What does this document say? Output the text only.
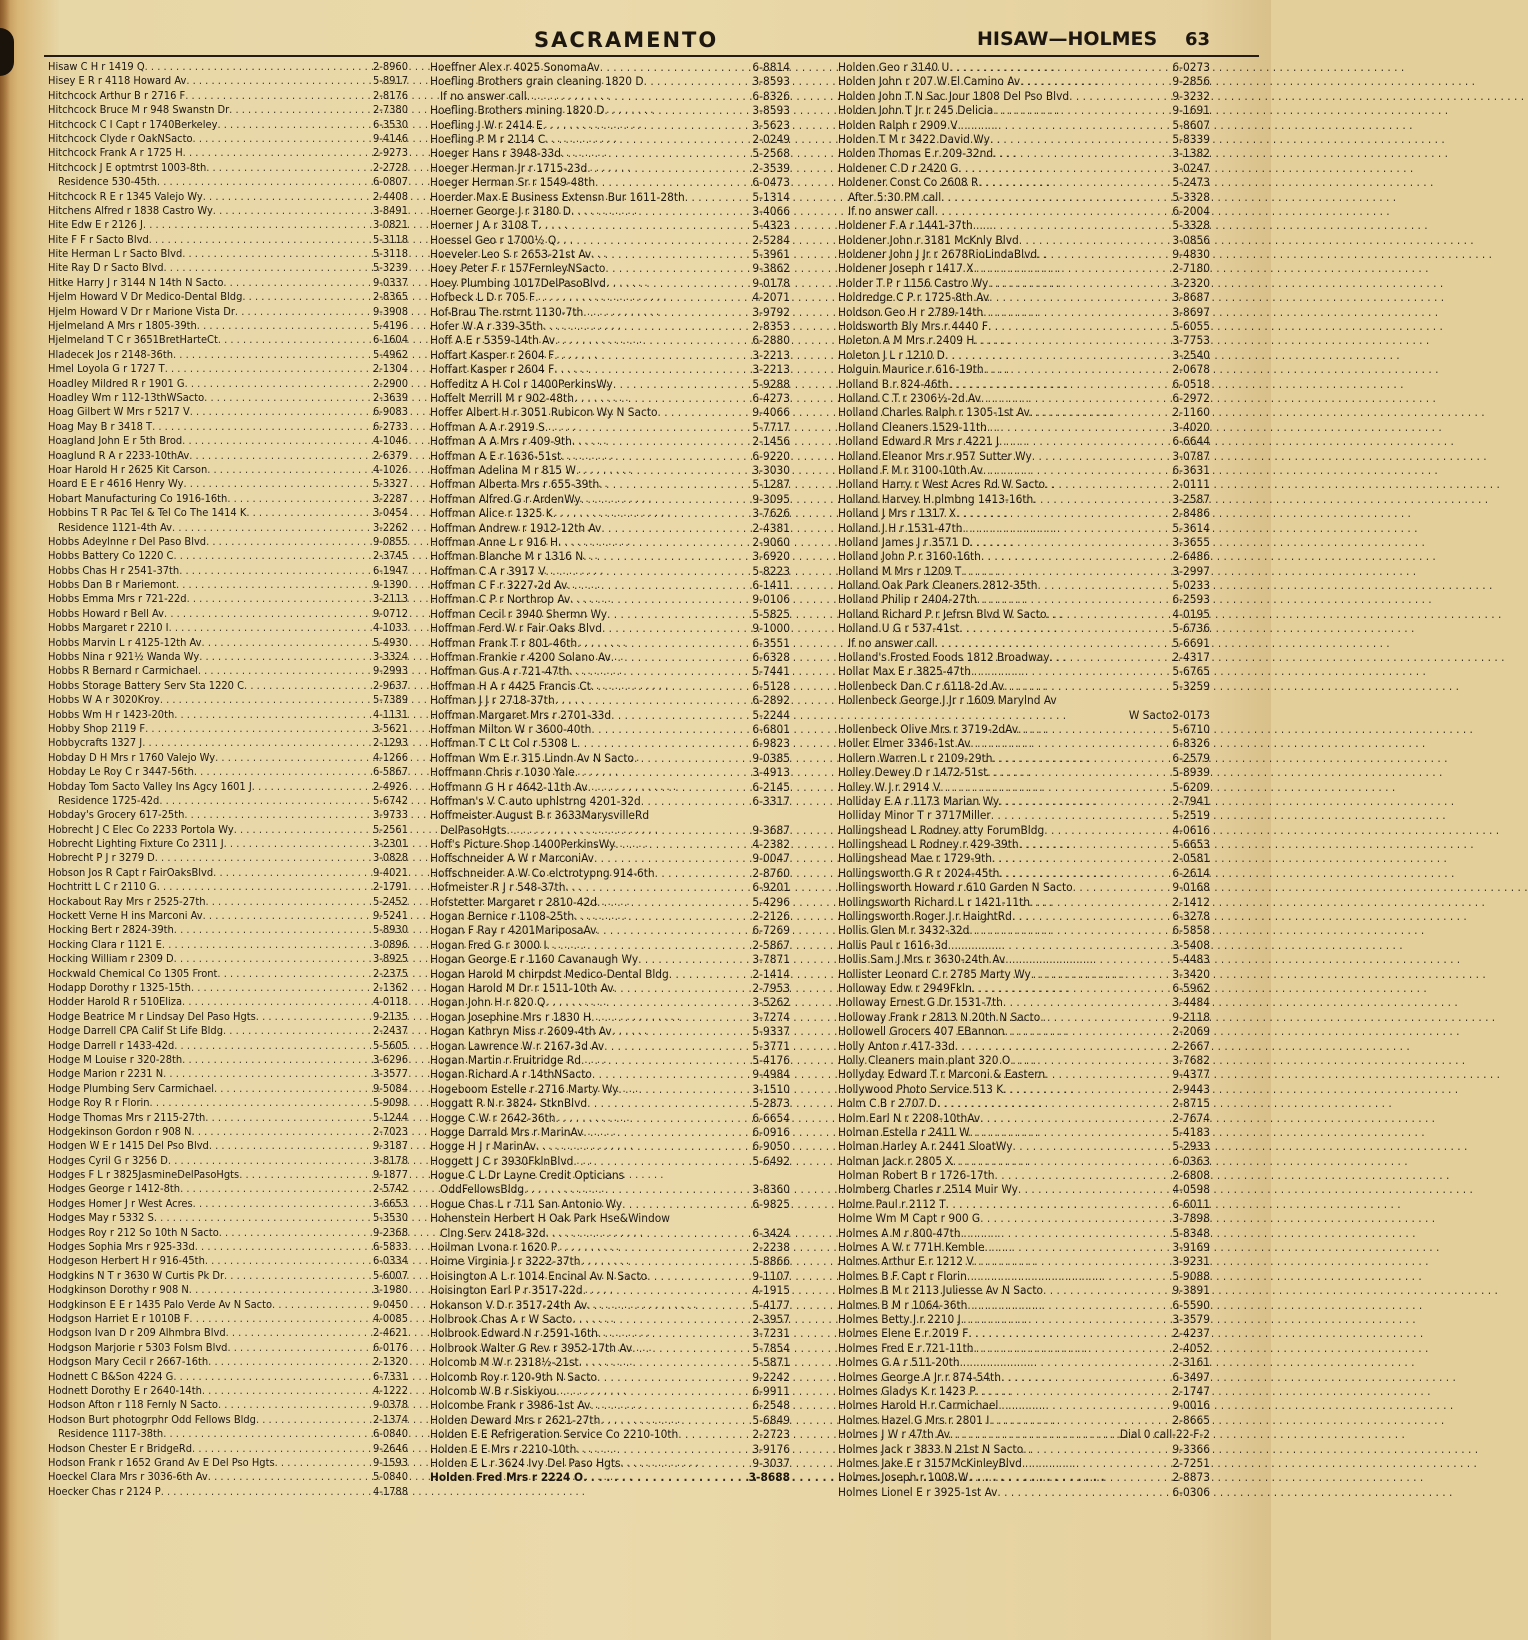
SACRAMENTO	HISAW—HOLMES 63
Hisaw C H r 1419 Q . . .	2-8960
Hisey E R r 4118 Howard Av . . .	5-8917
Hitchcock Arthur B r 2716 F . . .	2-8176
Hitchcock Bruce M r 948 Swanstn Dr . . .	2-7380
Hitchcock C I Capt r 1740Berkeley . . .	6-3530
Hitchcock Clyde r OakNSacto . . .	9-4146
Hitchcock Frank A r 1725 H . . .	2-9273
Hitchcock J E optmtrst 1003-8th . . .	2-2728
Residence 530-45th . . .	6-0807
Hitchcock R E r 1345 Valejo Wy . . .	2-4408
Hitchens Alfred r 1838 Castro Wy . . .	3-8491
Hite Edw E r 2126 J . . .	3-0821
Hite F F r Sacto Blvd . . .	5-3118
Hite Herman L r Sacto Blvd . . .	5-3118
Hite Ray D r Sacto Blvd . . .	5-3239
Hitke Harry J r 3144 N 14th N Sacto . . .	9-0337
Hjelm Howard V Dr Medico-Dental Bldg . . .	2-8365
Hjelm Howard V Dr r Marione Vista Dr . . .	9-3908
Hjelmeland A Mrs r 1805-39th . . .	5-4196
Hjelmeland T C r 3651BretHarteCt . . .	6-1604
Hladecek Jos r 2148-36th . . .	5-4962
Hmel Loyola G r 1727 T . . .	2-1304
Hoadley Mildred R r 1901 G . . .	2-2900
Hoadley Wm r 112-13thWSacto . . .	2-3639
Hoag Gilbert W Mrs r 5217 V . . .	6-9083
Hoag May B r 3418 T . . .	6-2733
Hoagland John E r 5th Brod . . .	4-1046
Hoaglund R A r 2233-10thAv . . .	2-6379
Hoar Harold H r 2625 Kit Carson . . .	4-1026
Hoard E E r 4616 Henry Wy . . .	5-3327
Hobart Manufacturing Co 1916-16th . . .	3-2287
Hobbins T R Pac Tel & Tel Co The 1414 K . . .	3-0454
Residence 1121-4th Av . . .	3-2262
Hobbs Adeylnne r Del Paso Blvd . . .	9-0855
Hobbs Battery Co 1220 C . . .	2-3745
Hobbs Chas H r 2541-37th . . .	6-1947
Hobbs Dan B r Mariemont . . .	9-1390
Hobbs Emma Mrs r 721-22d . . .	3-2113
Hobbs Howard r Bell Av . . .	9-0712
Hobbs Margaret r 2210 I . . .	4-1033
Hobbs Marvin L r 4125-12th Av . . .	5-4930
Hobbs Nina r 921½ Wanda Wy . . .	3-3324
Hobbs R Bernard r Carmichael . . .	9-2993
Hobbs Storage Battery Serv Sta 1220 C . . .	2-9637
Hobbs W A r 3020Kroy . . .	5-7389
Hobbs Wm H r 1423-20th . . .	4-1131
Hobby Shop 2119 F . . .	3-5621
Hobbycrafts 1327 J . . .	2-1293
Hobday D H Mrs r 1760 Valejo Wy . . .	4-1266
Hobday Le Roy C r 3447-56th . . .	6-5867
Hobday Tom Sacto Valley Ins Agcy 1601 J . . .	2-4926
Residence 1725-42d . . .	5-6742
Hobday's Grocery 617-25th . . .	3-9733
Hobrecht J C Elec Co 2233 Portola Wy . . .	5-2561
Hobrecht Lighting Fixture Co 2311 J . . .	3-2301
Hobrecht P J r 3279 D . . .	3-0828
Hobson Jos R Capt r FairOaksBlvd . . .	9-4021
Hochtritt L C r 2110 G . . .	2-1791
Hockabout Ray Mrs r 2525-27th . . .	5-2452
Hockett Verne H ins Marconi Av . . .	9-5241
Hocking Bert r 2824-39th . . .	5-8930
Hocking Clara r 1121 E . . .	3-0896
Hocking William r 2309 D . . .	3-8925
Hockwald Chemical Co 1305 Front . . .	2-2375
Hodapp Dorothy r 1325-15th . . .	2-1362
Hodder Harold R r 510Eliza . . .	4-0118
Hodge Beatrice M r Lindsay Del Paso Hgts . . .	9-2135
Hodge Darrell CPA Calif St Life Bldg . . .	2-2437
Hodge Darrell r 1433-42d . . .	5-5605
Hodge M Louise r 320-28th . . .	3-6296
Hodge Marion r 2231 N . . .	3-3577
Hodge Plumbing Serv Carmichael . . .	9-5084
Hodge Roy R r Florin . . .	5-9098
Hodge Thomas Mrs r 2115-27th . . .	5-1244
Hodgekinson Gordon r 908 N . . .	2-7023
Hodgen W E r 1415 Del Pso Blvd . . .	9-3187
Hodges Cyril G r 3256 D . . .	3-8178
Hodges F L r 3825JasmineDelPasoHgts . . .	9-1877
Hodges George r 1412-8th . . .	2-5742
Hodges Homer J r West Acres . . .	3-6653
Hodges May r 5332 S . . .	5-3530
Hodges Roy r 212 So 10th N Sacto . . .	9-2368
Hodges Sophia Mrs r 925-33d . . .	6-5833
Hodgeson Herbert H r 916-45th . . .	6-0334
Hodgkins N T r 3630 W Curtis Pk Dr . . .	5-6007
Hodgkinson Dorothy r 908 N . . .	3-1980
Hodgkinson E E r 1435 Palo Verde Av N Sacto . . .	9-0450
Hodgson Harriet E r 1010B F . . .	4-0085
Hodgson Ivan D r 209 Alhmbra Blvd . . .	2-4621
Hodgson Marjorie r 5303 Folsm Blvd . . .	6-0176
Hodgson Mary Cecil r 2667-16th . . .	2-1320
Hodnett C B&Son 4224 G . . .	6-7331
Hodnett Dorothy E r 2640-14th . . .	4-1222
Hodson Afton r 118 Fernly N Sacto . . .	9-0378
Hodson Burt photogrphr Odd Fellows Bldg . . .	2-1374
Residence 1117-38th . . .	6-0840
Hodson Chester E r BridgeRd . . .	9-2646
Hodson Frank r 1652 Grand Av E Del Pso Hgts . . .	9-1593
Hoeckel Clara Mrs r 3036-6th Av . . .	5-0840
Hoecker Chas r 2124 P . . .	4-1788
Hoeffner Alex r 4025 SonomaAv . . .	6-8814
Hoefling Brothers grain cleaning 1820 D . . .	3-8593
If no answer call . . .	6-8326
Hoefling Brothers mining 1820 D . . .	3-8593
Hoefling J W r 2414 E . . .	3-5623
Hoefling P M r 2114 C . . .	2-0249
Hoeger Hans r 3948-33d . . .	5-2568
Hoeger Herman Jr r 1715-23d . . .	2-3539
Hoeger Herman Sr r 1549-48th . . .	6-0473
Hoerder Max E Business Extensn Bur 1611-28th . . .	5-1314
Hoerner George J r 3180 D . . .	3-4066
Hoerner J A r 3108 T . . .	5-4323
Hoessel Geo r 1700½ Q . . .	2-5284
Hoeveler Leo S r 2653-21st Av . . .	5-3961
Hoey Peter F r 157FernleyNSacto . . .	9-3862
Hoey Plumbing 1017DelPasoBlvd . . .	9-0178
Hofbeck L D r 705 F . . .	4-2071
Hof-Brau The rstrnt 1130-7th . . .	3-9792
Hofer W A r 339-35th . . .	2-8353
Hoff A E r 5359-14th Av . . .	6-2880
Hoffart Kasper r 2604 F . . .	3-2213
Hoffart Kasper r 2604 F . . .	3-2213
Hoffeditz A H Col r 1400PerkinsWy . . .	5-9288
Hoffelt Merrill M r 902-48th . . .	6-4273
Hoffer Albert H r 3051 Rubicon Wy N Sacto . . .	9-4066
Hoffman A A r 2919 S . . .	5-7717
Hoffman A A Mrs r 409-9th . . .	2-1456
Hoffman A E r 1636-51st . . .	6-9220
Hoffman Adelina M r 815 W . . .	3-3030
Hoffman Alberta Mrs r 655-39th . . .	5-1287
Hoffman Alfred G r ArdenWy . . .	9-3095
Hoffman Alice r 1325 K . . .	3-7626
Hoffman Andrew r 1912-12th Av . . .	2-4381
Hoffman Anne L r 916 H . . .	2-9060
Hoffman Blanche M r 1316 N . . .	3-6920
Hoffman C A r 3917 V . . .	5-8223
Hoffman C F r 3227-2d Av . . .	6-1411
Hoffman C P r Northrop Av . . .	9-0106
Hoffman Cecil r 3940 Shermn Wy . . .	5-5825
Hoffman Ferd W r Fair Oaks Blvd . . .	9-1000
Hoffman Frank T r 801-46th . . .	6-3551
Hoffman Frankie r 4200 Solano Av . . .	6-6328
Hoffman Gus A r 721-47th . . .	5-7441
Hoffman H A r 4425 Francis Ct . . .	6-5128
Hoffman J J r 2718-37th . . .	6-2892
Hoffman Margaret Mrs r 2701-33d . . .	5-2244
Hoffman Milton W r 3600-40th . . .	6-6801
Hoffman T C Lt Col r 5308 L . . .	6-9823
Hoffman Wm E r 315 Lindn Av N Sacto . . .	9-0385
Hoffmann Chris r 1030 Yale . . .	3-4913
Hoffmann G H r 4642-11th Av . . .	6-2145
Hoffman's V C auto uphlstrng 4201-32d . . .	6-3317
Hoffmeister August B r 3633MarysvilleRd
DelPasoHgts . . .	9-3687
Hoff's Picture Shop 1400PerkinsWy . . .	4-2382
Hoffschneider A W r MarconiAv . . .	9-0047
Hoffschneider A W Co elctrotypng 914-6th . . .	2-8760
Hofmeister R J r 548-37th . . .	6-9201
Hofstetter Margaret r 2810-42d . . .	5-4296
Hogan Bernice r 1108-25th . . .	2-2126
Hogan F Ray r 4201MariposaAv . . .	6-7269
Hogan Fred G r 3000 I . . .	2-5867
Hogan George E r 1160 Cavanaugh Wy . . .	3-7871
Hogan Harold M chirpdst Medico-Dental Bldg . . .	2-1414
Hogan Harold M Dr r 1511-10th Av . . .	2-7953
Hogan John H r 820 Q . . .	3-5262
Hogan Josephine Mrs r 1830 H . . .	3-7274
Hogan Kathryn Miss r 2609-4th Av . . .	5-9337
Hogan Lawrence W r 2167-3d Av . . .	5-3771
Hogan Martin r Fruitridge Rd . . .	5-4176
Hogan Richard A r 14thNSacto . . .	9-4984
Hogeboom Estelle r 2716 Marty Wy . . .	3-1510
Hoggatt R N r 3824- StknBlvd . . .	5-2873
Hogge C W r 2642-36th . . .	6-6654
Hogge Darrald Mrs r MarinAv . . .	6-0916
Hogge H J r MarinAv . . .	6-9050
Hoggett J C r 3930FklnBlvd . . .	5-6492
Hogue C L Dr Layne Credit Opticians
OddFellowsBldg . . .	3-8360
Hogue Chas L r 711 San Antonio Wy . . .	6-9825
Hohenstein Herbert H Oak Park Hse&Window
Clng Serv 2418-32d . . .	6-3424
Hoilman Lvona r 1620 P . . .	2-2238
Hoime Virginia J r 3222-37th . . .	5-8866
Hoisington A L r 1014 Encinal Av N Sacto . . .	9-1107
Hoisington Earl P r 3517-22d . . .	4-1915
Hokanson V D r 3517-24th Av . . .	5-4177
Holbrook Chas A r W Sacto . . .	2-3957
Holbrook Edward N r 2591-16th . . .	3-7231
Holbrook Walter G Rev r 3952-17th Av . . .	5-7854
Holcomb M W r 2318½-21st . . .	5-5871
Holcomb Roy r 120-9th N Sacto . . .	9-2242
Holcomb W B r Siskiyou . . .	6-9911
Holcombe Frank r 3986-1st Av . . .	6-2548
Holden Deward Mrs r 2621-27th . . .	5-6849
Holden E E Refrigeration Service Co 2210-10th . . .	2-2723
Holden E E Mrs r 2210-10th . . .	3-9176
Holden E L r 3624 Ivy Del Paso Hgts . . .	9-3037
Holden Fred Mrs r 2224 O . . .	3-8688
Holden Geo r 3140 U . . .	6-0273
Holden John r 207 W El Camino Av . . .	9-2856
Holden John T N Sac Jour 1808 Del Pso Blvd . . .	9-3232
Holden John T Jr r 245 Delicia . . .	9-1691
Holden Ralph r 2909 V . . .	5-8607
Holden T M r 3422 David Wy . . .	5-8339
Holden Thomas E r 209-32nd . . .	3-1382
Holdener C D r 2420 G . . .	3-0247
Holdener Const Co 2608 R . . .	5-2473
After 5:30 PM call . . .	5-3328
If no answer call . . .	6-2004
Holdener F A r 1441-37th . . .	5-3328
Holdener John r 3181 McKnly Blvd . . .	3-0856
Holdener John J Jr r 2678RioLindaBlvd . . .	9-4830
Holdener Joseph r 1417 X . . .	2-7180
Holder T P r 1156 Castro Wy . . .	3-2320
Holdredge C P r 1725-8th Av . . .	3-8687
Holdson Geo H r 2789-14th . . .	3-8697
Holdsworth Bly Mrs r 4440 F . . .	5-6055
Holeton A M Mrs r 2409 H . . .	3-7753
Holeton J L r 1210 D . . .	3-2540
Holguin Maurice r 616-19th . . .	2-0678
Holland B r 824-46th . . .	6-0518
Holland C T r 2306½-2d Av . . .	6-2972
Holland Charles Ralph r 1305-1st Av . . .	2-1160
Holland Cleaners 1529-11th . . .	3-4020
Holland Edward R Mrs r 4221 J . . .	6-6644
Holland Eleanor Mrs r 957 Sutter Wy . . .	3-0787
Holland F M r 3100-10th Av . . .	6-3631
Holland Harry r West Acres Rd W Sacto . . .	2-0111
Holland Harvey H plmbng 1413-16th . . .	3-2587
Holland J Mrs r 1317 X . . .	2-8486
Holland J H r 1531-47th . . .	5-3614
Holland James J r 3571 D . . .	3-3655
Holland John P r 3160-16th . . .	2-6486
Holland M Mrs r 1209 T . . .	3-2997
Holland Oak Park Cleaners 2812-35th . . .	5-0233
Holland Philip r 2404-27th . . .	6-2593
Holland Richard P r Jefrsn Blvd W Sacto . . .	4-0195
Holland U G r 537-41st . . .	5-6736
If no answer call . . .	5-6691
Holland's Frosted Foods 1812 Broadway . . .	2-4317
Hollar Max E r 3825-47th . . .	5-6765
Hollenbeck Dan C r 6118-2d Av . . .	5-3259
Hollenbeck George J Jr r 1609 Marylnd Av
W Sacto 2-0173
Hollenbeck Olive Mrs r 3719-2dAv . . .	5-6710
Holler Elmer 3346-1st Av . . .	6-8326
Hollern Warren L r 2109-29th . . .	6-2579
Holley Dewey D r 1472-51st . . .	5-8939
Holley W J r 2914 V . . .	5-6209
Holliday E A r 1173 Marian Wy . . .	2-7941
Holliday Minor T r 3717Miller . . .	5-2519
Hollingshead L Rodney atty ForumBldg . . .	4-0616
Hollingshead L Rodney r 429-39th . . .	5-6653
Hollingshead Mae r 1729-9th . . .	2-0581
Hollingsworth G R r 2024-45th . . .	6-2614
Hollingsworth Howard r 610 Garden N Sacto . . .	9-0168
Hollingsworth Richard L r 1421-11th . . .	2-1412
Hollingsworth Roger J r HaightRd . . .	6-3278
Hollis Glen M r 3432-32d . . .	6-5858
Hollis Paul r 1616-3d . . .	3-5408
Hollis Sam J Mrs r 3630-24th Av . . .	5-4483
Hollister Leonard C r 2785 Marty Wy . . .	3-3420
Holloway Edw r 2949Fkln . . .	6-5962
Holloway Ernest G Dr 1531-7th . . .	3-4484
Holloway Frank r 2813 N 20th N Sacto . . .	9-2118
Hollowell Grocers 407 EBannon . . .	2-2069
Holly Anton r 417-33d . . .	2-2667
Holly Cleaners main plant 320 O . . .	3-7682
Hollyday Edward T r Marconi & Eastern . . .	9-4377
Hollywood Photo Service 513 K . . .	2-9443
Holm C B r 2707 D . . .	2-8715
Holm Earl N r 2208-10thAv . . .	2-7674
Holman Estella r 2411 W . . .	5-4183
Holman Harley A r 2441 SloatWy . . .	5-2933
Holman Jack r 2805 X . . .	6-0363
Holman Robert B r 1726-17th . . .	2-6808
Holmberg Charles r 2514 Muir Wy . . .	4-0598
Holme Paul r 2112 T . . .	6-6011
Holme Wm M Capt r 900 G . . .	3-7898
Holmes A M r 800-47th . . .	5-8348
Holmes A W r 771H Kemble . . .	3-9169
Holmes Arthur E r 1212 V . . .	3-9231
Holmes B F Capt r Florin . . .	5-9088
Holmes B M r 2113 Juliesse Av N Sacto . . .	9-3891
Holmes B M r 1064-36th . . .	6-5590
Holmes Betty J r 2210 J . . .	3-3579
Holmes Elene E r 2019 F . . .	2-4237
Holmes Fred E r 721-11th . . .	2-4052
Holmes G A r 511-20th . . .	2-3161
Holmes George A Jr r 874-54th . . .	6-3497
Holmes Gladys K r 1423 P . . .	2-1747
Holmes Harold H r Carmichael . . .	9-0016
Holmes Hazel G Mrs r 2801 I . . .	2-8665
Holmes J W r 47th Av . . .	Dial 0 call-22-F-2
Holmes Jack r 3833 N 21st N Sacto . . .	9-3366
Holmes Jake E r 3157McKinleyBlvd . . .	2-7251
Holmes Joseph r 1008 W . . .	2-8873
Holmes Lionel E r 3925-1st Av . . .	6-0306
